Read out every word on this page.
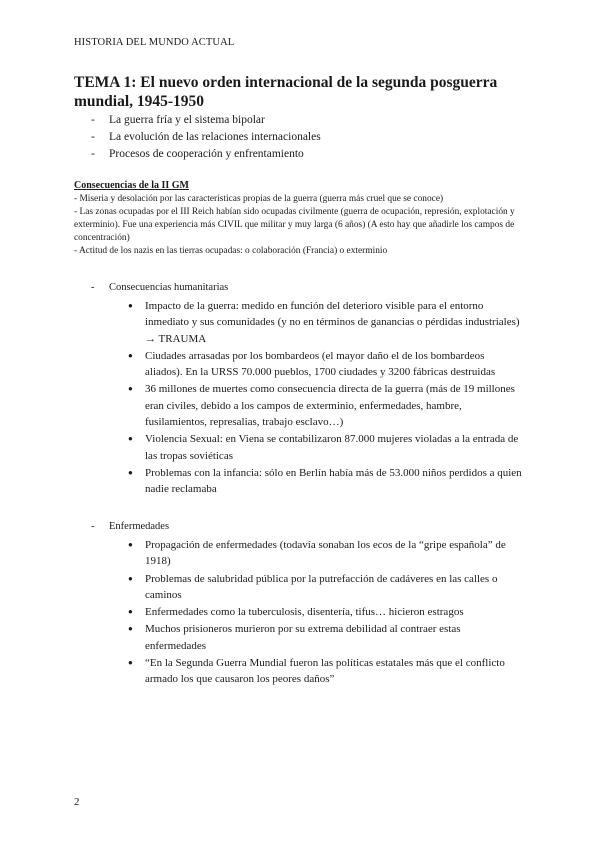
HISTORIA DEL MUNDO ACTUAL
TEMA 1: El nuevo orden internacional de la segunda posguerra mundial, 1945-1950
- La guerra fría y el sistema bipolar
- La evolución de las relaciones internacionales
- Procesos de cooperación y enfrentamiento
Consecuencias de la II GM
- Miseria y desolación por las características propias de la guerra (guerra más cruel que se conoce)
- Las zonas ocupadas por el III Reich habían sido ocupadas civilmente (guerra de ocupación, represión, explotación y exterminio). Fue una experiencia más CIVIL que militar y muy larga (6 años) (A esto hay que añadirle los campos de concentración)
- Actitud de los nazis en las tierras ocupadas: o colaboración (Francia) o exterminio
- Consecuencias humanitarias
● Impacto de la guerra: medido en función del deterioro visible para el entorno inmediato y sus comunidades (y no en términos de ganancias o pérdidas industriales) → TRAUMA
● Ciudades arrasadas por los bombardeos (el mayor daño el de los bombardeos aliados). En la URSS 70.000 pueblos, 1700 ciudades y 3200 fábricas destruidas
● 36 millones de muertes como consecuencia directa de la guerra (más de 19 millones eran civiles, debido a los campos de exterminio, enfermedades, hambre, fusilamientos, represalias, trabajo esclavo…)
● Violencia Sexual: en Viena se contabilizaron 87.000 mujeres violadas a la entrada de las tropas soviéticas
● Problemas con la infancia: sólo en Berlín había más de 53.000 niños perdidos a quien nadie reclamaba
- Enfermedades
● Propagación de enfermedades (todavía sonaban los ecos de la “gripe española” de 1918)
● Problemas de salubridad pública por la putrefacción de cadáveres en las calles o caminos
● Enfermedades como la tuberculosis, disentería, tifus… hicieron estragos
● Muchos prisioneros murieron por su extrema debilidad al contraer estas enfermedades
● “En la Segunda Guerra Mundial fueron las políticas estatales más que el conflicto armado los que causaron los peores daños”
2
